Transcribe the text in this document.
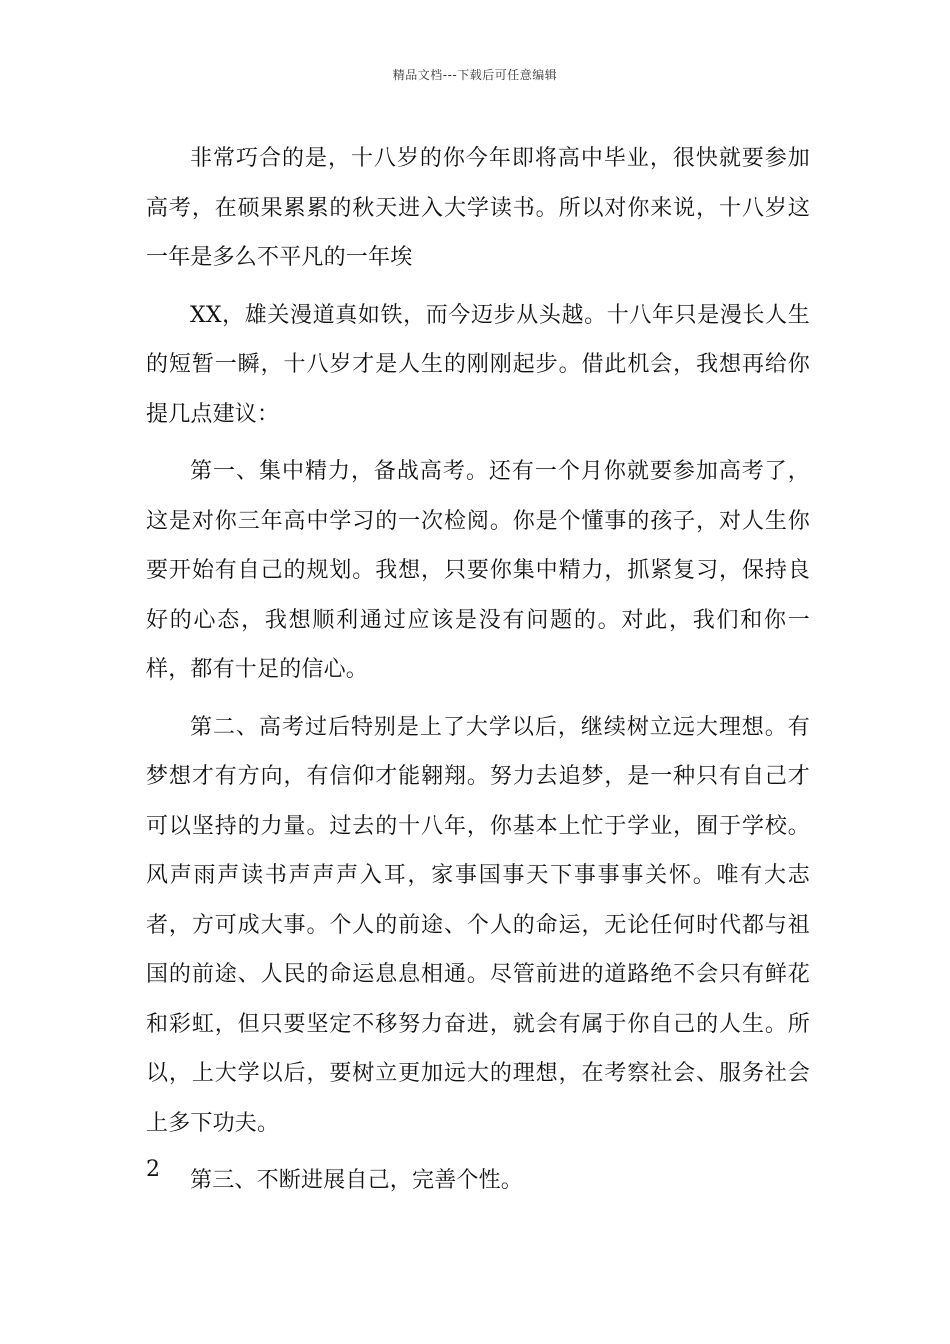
精品文档---下载后可任意编辑

非常巧合的是，十八岁的你今年即将高中毕业，很快就要参加高考，在硕果累累的秋天进入大学读书。所以对你来说，十八岁这一年是多么不平凡的一年埃

XX，雄关漫道真如铁，而今迈步从头越。十八年只是漫长人生的短暂一瞬，十八岁才是人生的刚刚起步。借此机会，我想再给你提几点建议：

第一、集中精力，备战高考。还有一个月你就要参加高考了，这是对你三年高中学习的一次检阅。你是个懂事的孩子，对人生你要开始有自己的规划。我想，只要你集中精力，抓紧复习，保持良好的心态，我想顺利通过应该是没有问题的。对此，我们和你一样，都有十足的信心。

第二、高考过后特别是上了大学以后，继续树立远大理想。有梦想才有方向，有信仰才能翱翔。努力去追梦，是一种只有自己才可以坚持的力量。过去的十八年，你基本上忙于学业，囿于学校。风声雨声读书声声声入耳，家事国事天下事事事关怀。唯有大志者，方可成大事。个人的前途、个人的命运，无论任何时代都与祖国的前途、人民的命运息息相通。尽管前进的道路绝不会只有鲜花和彩虹，但只要坚定不移努力奋进，就会有属于你自己的人生。所以，上大学以后，要树立更加远大的理想，在考察社会、服务社会上多下功夫。

第三、不断进展自己，完善个性。

2
